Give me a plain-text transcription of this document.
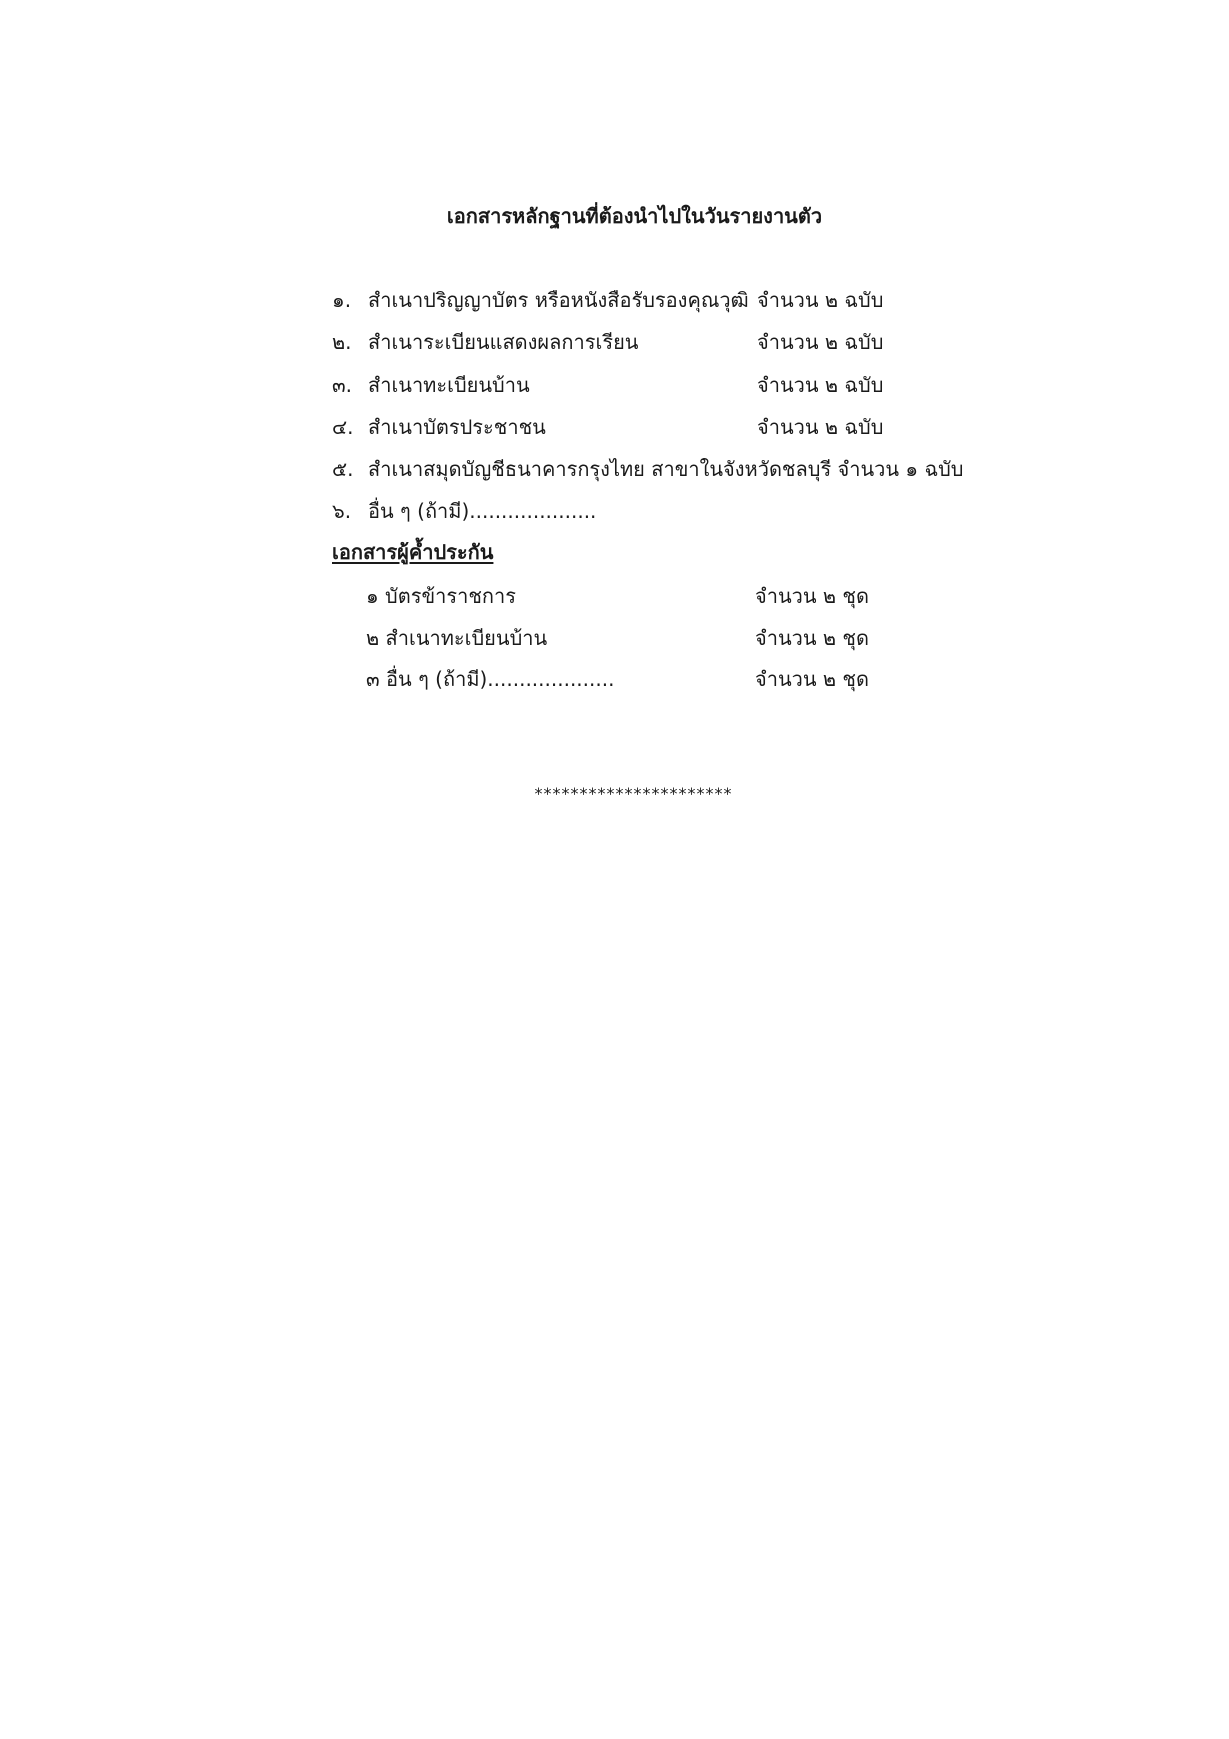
เอกสารหลักฐานที่ต้องนำไปในวันรายงานตัว
๑. สำเนาปริญญาบัตร หรือหนังสือรับรองคุณวุฒิ จำนวน ๒ ฉบับ
๒. สำเนาระเบียนแสดงผลการเรียน	จำนวน ๒ ฉบับ
๓. สำเนาทะเบียนบ้าน	จำนวน ๒ ฉบับ
๔. สำเนาบัตรประชาชน	จำนวน ๒ ฉบับ
๕. สำเนาสมุดบัญชีธนาคารกรุงไทย สาขาในจังหวัดชลบุรี จำนวน ๑ ฉบับ
๖. อื่น ๆ (ถ้ามี)....................
เอกสารผู้ค้ำประกัน
๑ บัตรข้าราชการ	จำนวน ๒ ชุด
๒ สำเนาทะเบียนบ้าน	จำนวน ๒ ชุด
๓ อื่น ๆ (ถ้ามี)....................	จำนวน ๒ ชุด
**********************
